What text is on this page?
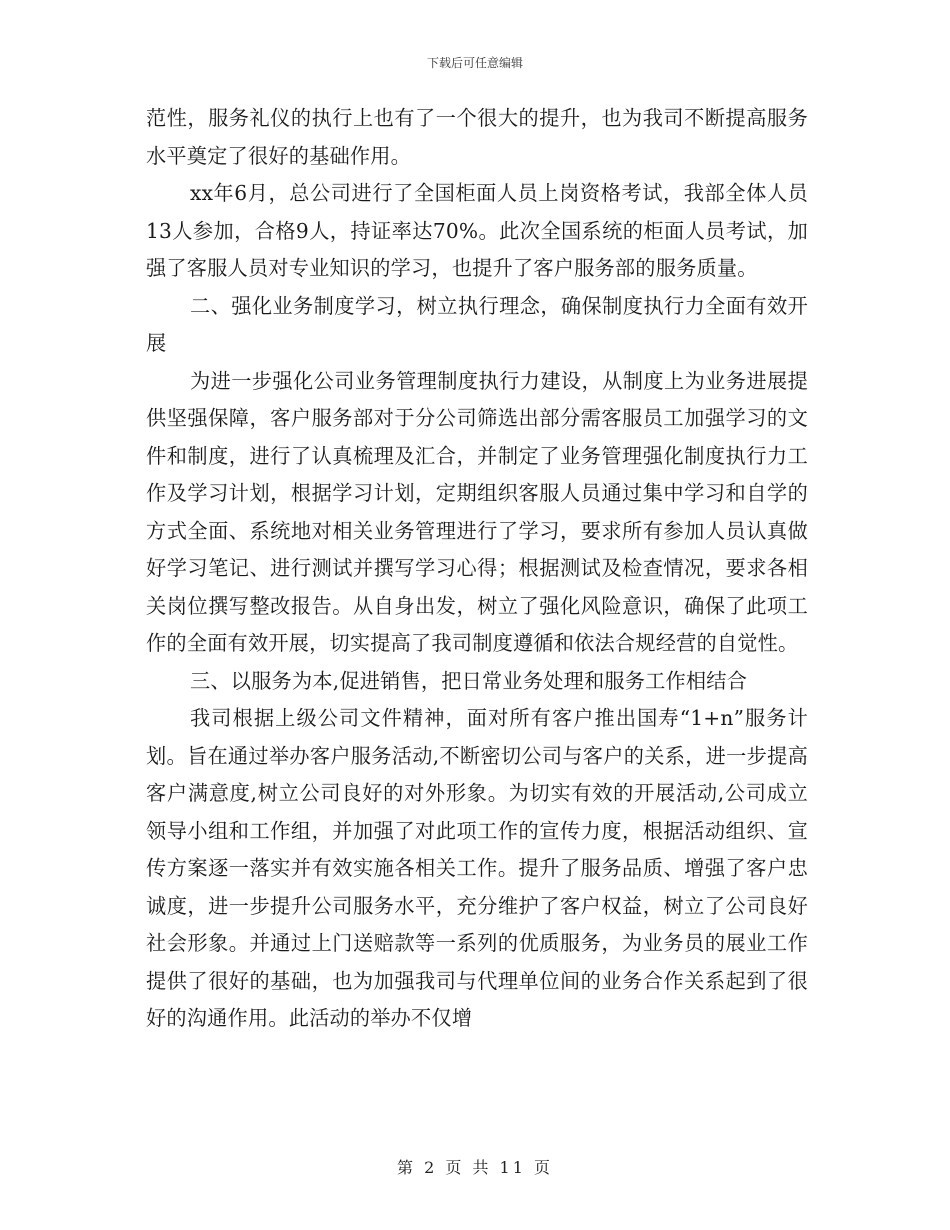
下载后可任意编辑

范性，服务礼仪的执行上也有了一个很大的提升，也为我司不断提高服务水平奠定了很好的基础作用。

xx年6月，总公司进行了全国柜面人员上岗资格考试，我部全体人员13人参加，合格9人，持证率达70%。此次全国系统的柜面人员考试，加强了客服人员对专业知识的学习，也提升了客户服务部的服务质量。

二、强化业务制度学习，树立执行理念，确保制度执行力全面有效开展

为进一步强化公司业务管理制度执行力建设，从制度上为业务进展提供坚强保障，客户服务部对于分公司筛选出部分需客服员工加强学习的文件和制度，进行了认真梳理及汇合，并制定了业务管理强化制度执行力工作及学习计划，根据学习计划，定期组织客服人员通过集中学习和自学的方式全面、系统地对相关业务管理进行了学习，要求所有参加人员认真做好学习笔记、进行测试并撰写学习心得；根据测试及检查情况，要求各相关岗位撰写整改报告。从自身出发，树立了强化风险意识，确保了此项工作的全面有效开展，切实提高了我司制度遵循和依法合规经营的自觉性。

三、以服务为本,促进销售，把日常业务处理和服务工作相结合

我司根据上级公司文件精神，面对所有客户推出国寿“1+n”服务计划。旨在通过举办客户服务活动,不断密切公司与客户的关系，进一步提高客户满意度,树立公司良好的对外形象。为切实有效的开展活动,公司成立领导小组和工作组，并加强了对此项工作的宣传力度，根据活动组织、宣传方案逐一落实并有效实施各相关工作。提升了服务品质、增强了客户忠诚度，进一步提升公司服务水平，充分维护了客户权益，树立了公司良好社会形象。并通过上门送赔款等一系列的优质服务，为业务员的展业工作提供了很好的基础，也为加强我司与代理单位间的业务合作关系起到了很好的沟通作用。此活动的举办不仅增

第 2 页 共 11 页
